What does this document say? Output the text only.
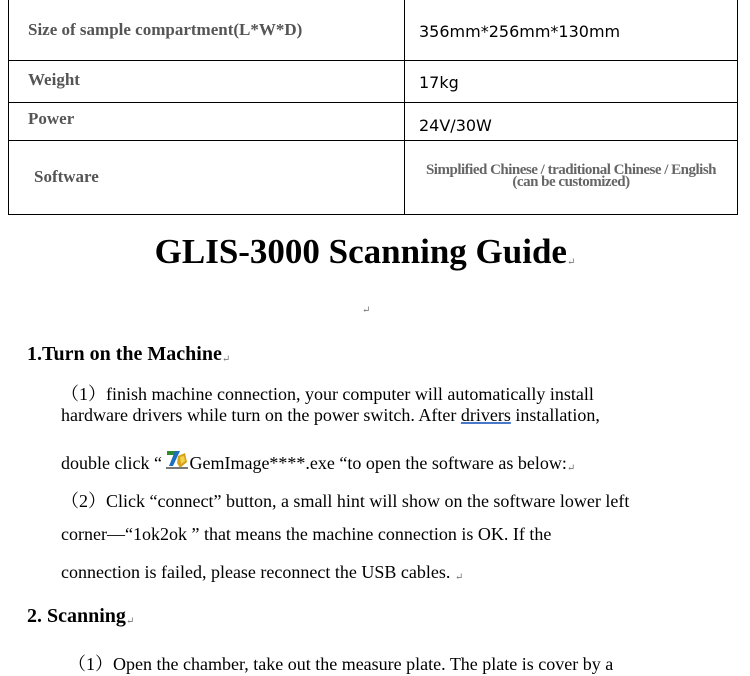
Size of sample compartment(L*W*D)	356mm*256mm*130mm
Weight	17kg
Power	24V/30W
Software	Simplified Chinese / traditional Chinese / English
(can be customized)
GLIS-3000 Scanning Guide↵
↵
1.Turn on the Machine↵
（1）finish machine connection, your computer will automatically install
hardware drivers while turn on the power switch. After drivers installation,
double click “ GemImage****.exe “to open the software as below:↵
（2）Click “connect” button, a small hint will show on the software lower left
corner—“1ok2ok ” that means the machine connection is OK. If the
connection is failed, please reconnect the USB cables. ↵
2. Scanning↵
（1）Open the chamber, take out the measure plate. The plate is cover by a
